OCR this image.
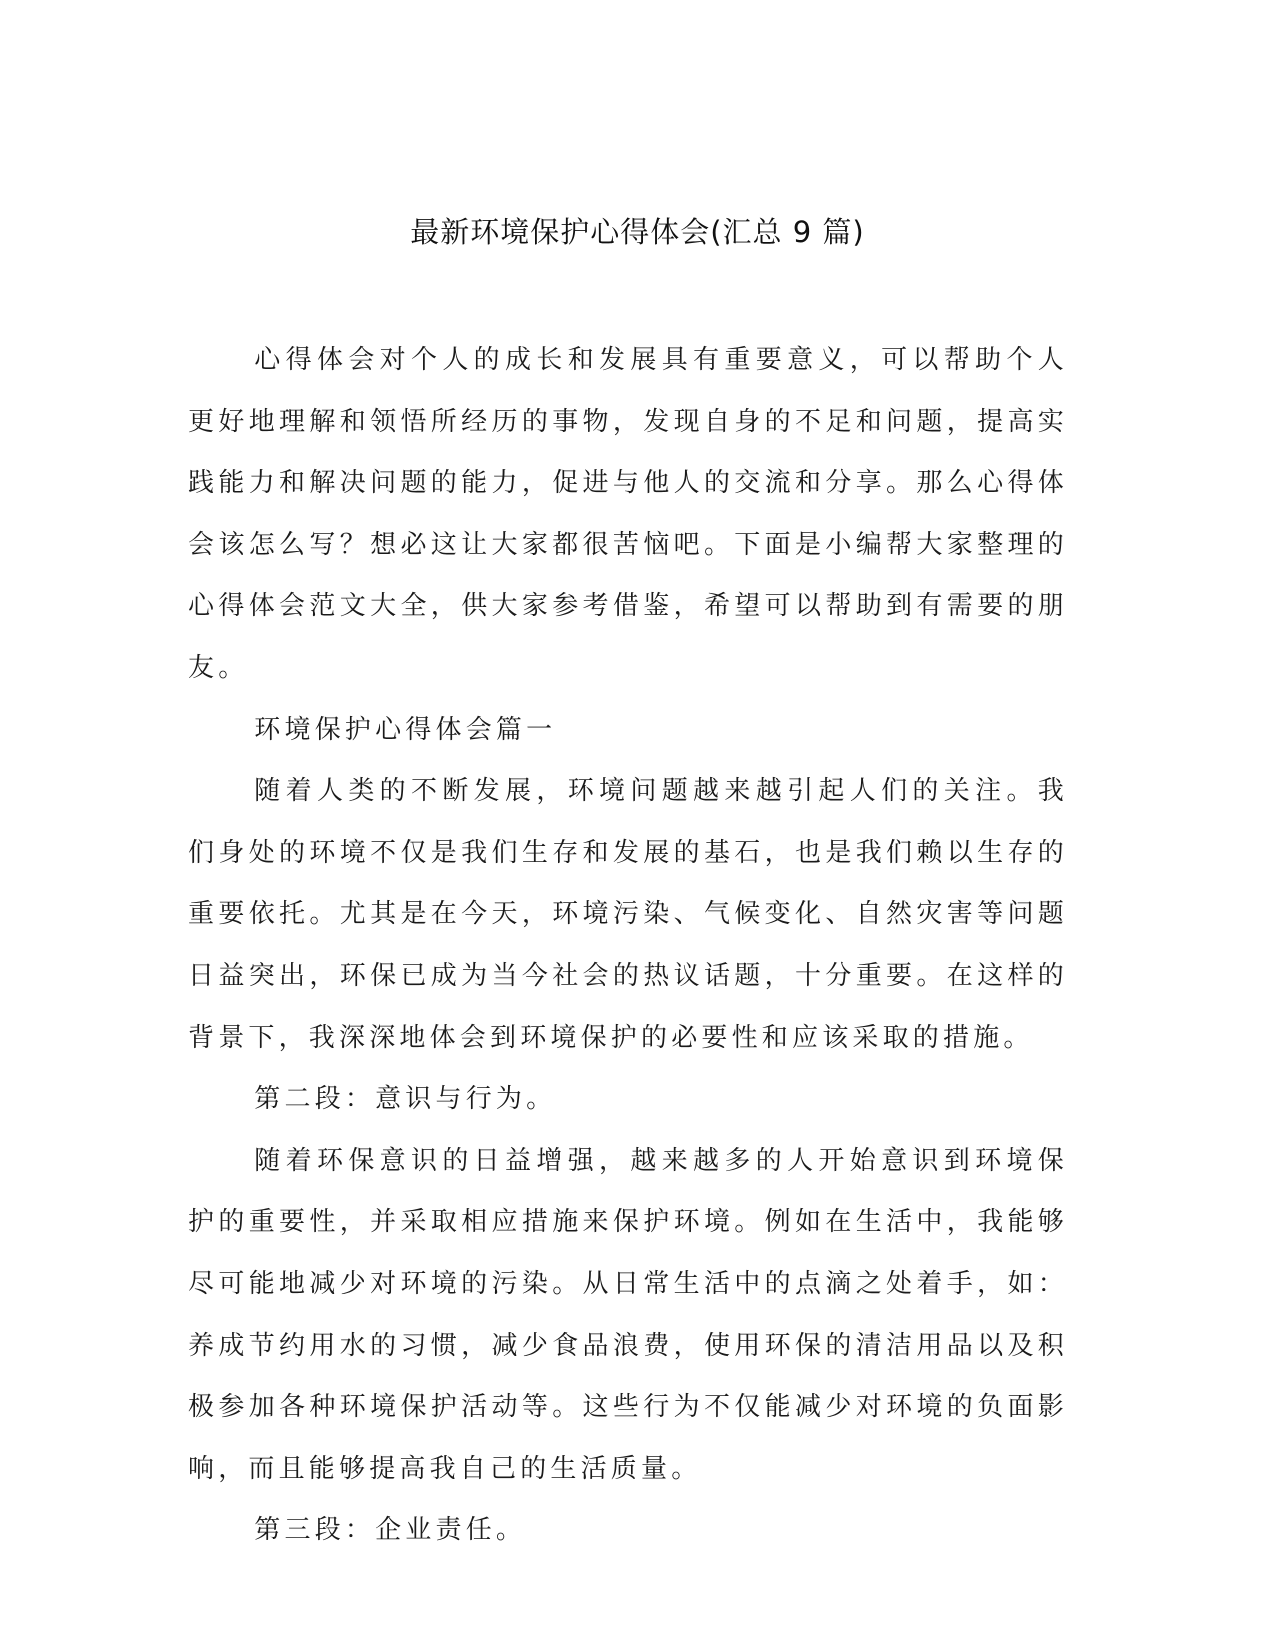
最新环境保护心得体会(汇总 9 篇)

心得体会对个人的成长和发展具有重要意义，可以帮助个人更好地理解和领悟所经历的事物，发现自身的不足和问题，提高实践能力和解决问题的能力，促进与他人的交流和分享。那么心得体会该怎么写？想必这让大家都很苦恼吧。下面是小编帮大家整理的心得体会范文大全，供大家参考借鉴，希望可以帮助到有需要的朋友。

环境保护心得体会篇一

随着人类的不断发展，环境问题越来越引起人们的关注。我们身处的环境不仅是我们生存和发展的基石，也是我们赖以生存的重要依托。尤其是在今天，环境污染、气候变化、自然灾害等问题日益突出，环保已成为当今社会的热议话题，十分重要。在这样的背景下，我深深地体会到环境保护的必要性和应该采取的措施。

第二段：意识与行为。

随着环保意识的日益增强，越来越多的人开始意识到环境保护的重要性，并采取相应措施来保护环境。例如在生活中，我能够尽可能地减少对环境的污染。从日常生活中的点滴之处着手，如：养成节约用水的习惯，减少食品浪费，使用环保的清洁用品以及积极参加各种环境保护活动等。这些行为不仅能减少对环境的负面影响，而且能够提高我自己的生活质量。

第三段：企业责任。
